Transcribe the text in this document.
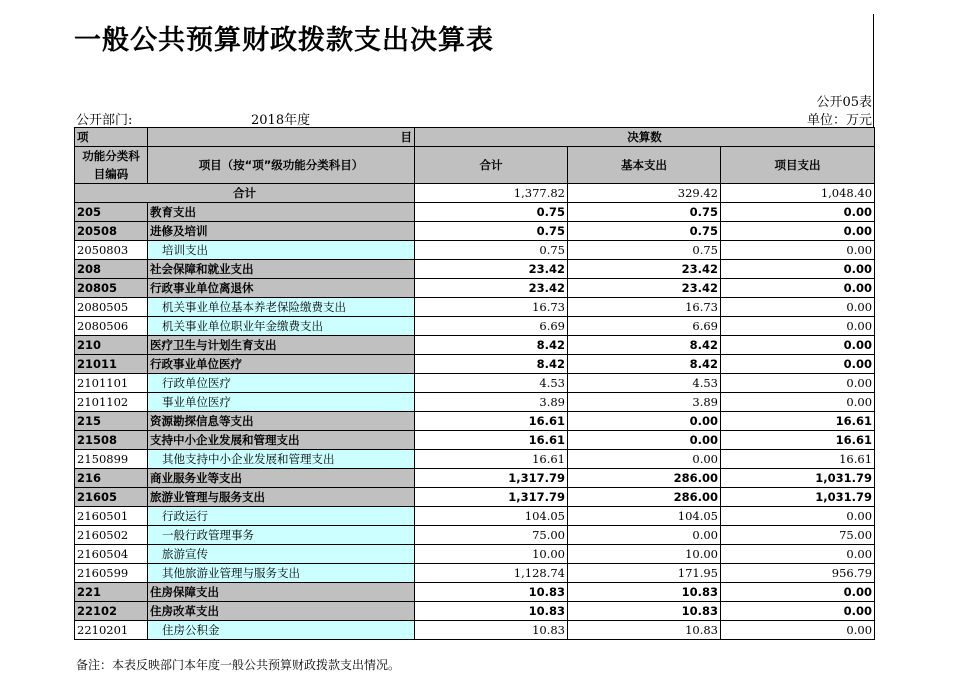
一般公共预算财政拨款支出决算表
公开05表
公开部门:	2018年度	单位：万元
项	目	决算数		
功能分类科目编码	项目（按“项”级功能分类科目）	合计	基本支出	项目支出
合计		1,377.82	329.42	1,048.40
205	教育支出	0.75	0.75	0.00
20508	进修及培训	0.75	0.75	0.00
2050803	培训支出	0.75	0.75	0.00
208	社会保障和就业支出	23.42	23.42	0.00
20805	行政事业单位离退休	23.42	23.42	0.00
2080505	机关事业单位基本养老保险缴费支出	16.73	16.73	0.00
2080506	机关事业单位职业年金缴费支出	6.69	6.69	0.00
210	医疗卫生与计划生育支出	8.42	8.42	0.00
21011	行政事业单位医疗	8.42	8.42	0.00
2101101	行政单位医疗	4.53	4.53	0.00
2101102	事业单位医疗	3.89	3.89	0.00
215	资源勘探信息等支出	16.61	0.00	16.61
21508	支持中小企业发展和管理支出	16.61	0.00	16.61
2150899	其他支持中小企业发展和管理支出	16.61	0.00	16.61
216	商业服务业等支出	1,317.79	286.00	1,031.79
21605	旅游业管理与服务支出	1,317.79	286.00	1,031.79
2160501	行政运行	104.05	104.05	0.00
2160502	一般行政管理事务	75.00	0.00	75.00
2160504	旅游宣传	10.00	10.00	0.00
2160599	其他旅游业管理与服务支出	1,128.74	171.95	956.79
221	住房保障支出	10.83	10.83	0.00
22102	住房改革支出	10.83	10.83	0.00
2210201	住房公积金	10.83	10.83	0.00
备注：本表反映部门本年度一般公共预算财政拨款支出情况。
